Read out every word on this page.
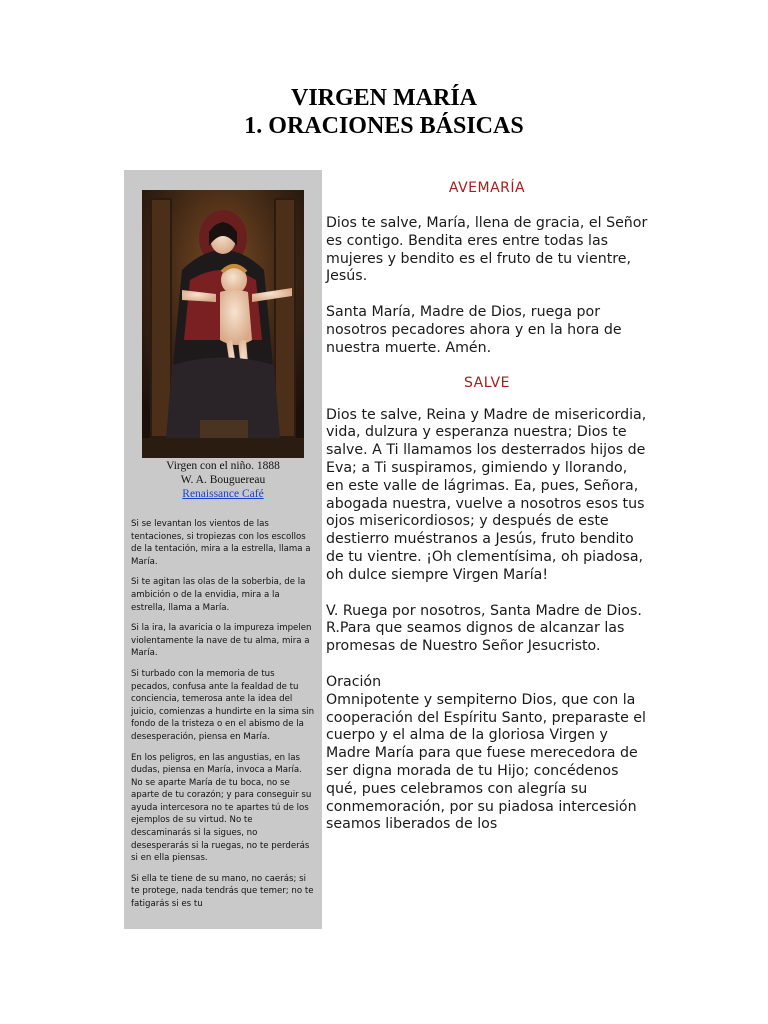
VIRGEN MARÍA
1. ORACIONES BÁSICAS
Virgen con el niño. 1888
W. A. Bouguereau
Renaissance Café

Si se levantan los vientos de las tentaciones, si tropiezas con los escollos de la tentación, mira a la estrella, llama a María.

Si te agitan las olas de la soberbia, de la ambición o de la envidia, mira a la estrella, llama a María.

Si la ira, la avaricia o la impureza impelen violentamente la nave de tu alma, mira a María.

Si turbado con la memoria de tus pecados, confusa ante la fealdad de tu conciencia, temerosa ante la idea del juicio, comienzas a hundirte en la sima sin fondo de la tristeza o en el abismo de la desesperación, piensa en María.

En los peligros, en las angustias, en las dudas, piensa en María, invoca a María. No se aparte María de tu boca, no se aparte de tu corazón; y para conseguir su ayuda intercesora no te apartes tú de los ejemplos de su virtud. No te descaminarás si la sigues, no desesperarás si la ruegas, no te perderás si en ella piensas.

Si ella te tiene de su mano, no caerás; si te protege, nada tendrás que temer; no te fatigarás si es tu

AVEMARÍA

Dios te salve, María, llena de gracia, el Señor es contigo. Bendita eres entre todas las mujeres y bendito es el fruto de tu vientre, Jesús.

Santa María, Madre de Dios, ruega por nosotros pecadores ahora y en la hora de nuestra muerte. Amén.

SALVE

Dios te salve, Reina y Madre de misericordia, vida, dulzura y esperanza nuestra; Dios te salve. A Ti llamamos los desterrados hijos de Eva; a Ti suspiramos, gimiendo y llorando, en este valle de lágrimas. Ea, pues, Señora, abogada nuestra, vuelve a nosotros esos tus ojos misericordiosos; y después de este destierro muéstranos a Jesús, fruto bendito de tu vientre. ¡Oh clementísima, oh piadosa, oh dulce siempre Virgen María!

V. Ruega por nosotros, Santa Madre de Dios.

R.Para que seamos dignos de alcanzar las promesas de Nuestro Señor Jesucristo.

Oración

Omnipotente y sempiterno Dios, que con la cooperación del Espíritu Santo, preparaste el cuerpo y el alma de la gloriosa Virgen y Madre María para que fuese merecedora de ser digna morada de tu Hijo; concédenos qué, pues celebramos con alegría su conmemoración, por su piadosa intercesión seamos liberados de los
